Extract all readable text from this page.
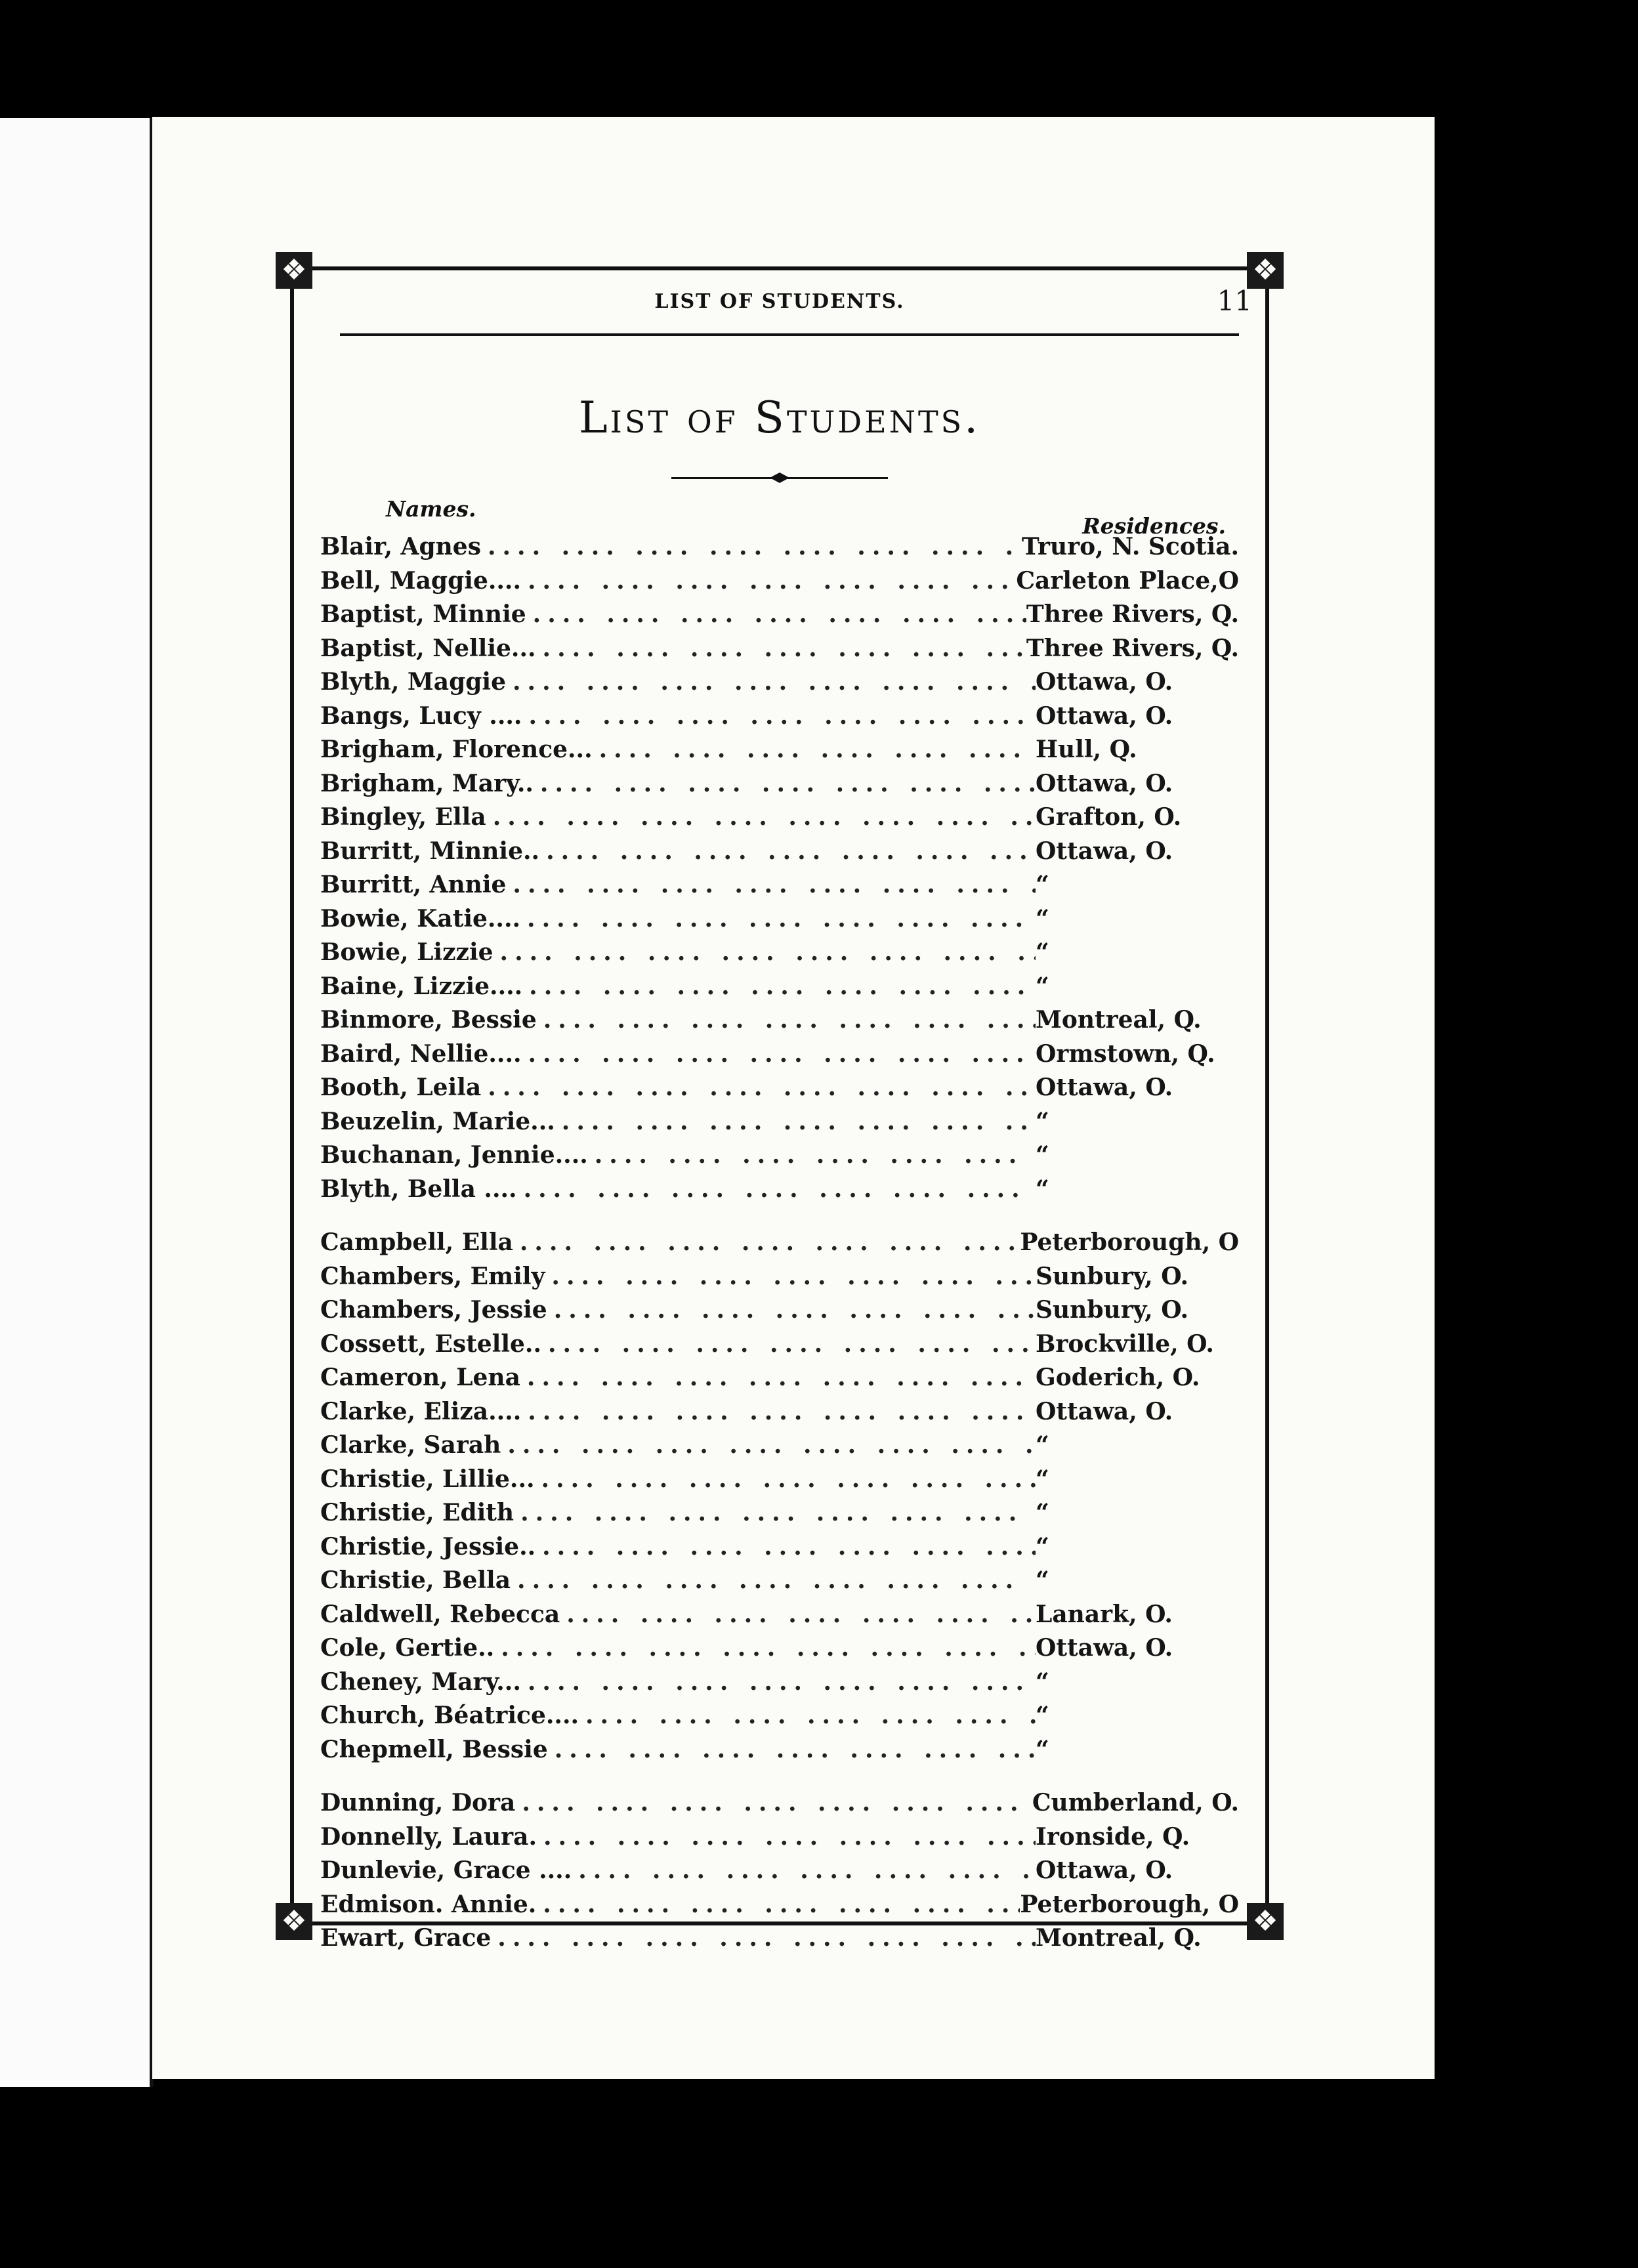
❖
❖
❖
❖
LIST OF STUDENTS.	11
List of Students.
Names.
Residences.
Blair, Agnes ....	Truro, N. Scotia.
Bell, Maggie.... ....	Carleton Place,O
Baptist, Minnie ....	Three Rivers, Q.
Baptist, Nellie... ....	Three Rivers, Q.
Blyth, Maggie ....	Ottawa, O.
Bangs, Lucy .... ....	Ottawa, O.
Brigham, Florence... ....	Hull, Q.
Brigham, Mary.. ....	Ottawa, O.
Bingley, Ella ....	Grafton, O.
Burritt, Minnie.. ....	Ottawa, O.
Burritt, Annie ....	“
Bowie, Katie.... ....	“
Bowie, Lizzie ....	“
Baine, Lizzie.... ....	“
Binmore, Bessie ....	Montreal, Q.
Baird, Nellie.... ....	Ormstown, Q.
Booth, Leila ....	Ottawa, O.
Beuzelin, Marie... ....	“
Buchanan, Jennie.... ....	“
Blyth, Bella .... ....	“
Campbell, Ella ....	Peterborough, O
Chambers, Emily ....	Sunbury, O.
Chambers, Jessie ....	Sunbury, O.
Cossett, Estelle.. ....	Brockville, O.
Cameron, Lena ....	Goderich, O.
Clarke, Eliza.... ....	Ottawa, O.
Clarke, Sarah ....	“
Christie, Lillie... ....	“
Christie, Edith ....	“
Christie, Jessie.. ....	“
Christie, Bella ....	“
Caldwell, Rebecca ....	Lanark, O.
Cole, Gertie.. ....	Ottawa, O.
Cheney, Mary... ....	“
Church, Béatrice.... ....	“
Chepmell, Bessie ....	“
Dunning, Dora ....	Cumberland, O.
Donnelly, Laura. ....	Ironside, Q.
Dunlevie, Grace .... ....	Ottawa, O.
Edmison. Annie. ....	Peterborough, O
Ewart, Grace ....	Montreal, Q.
